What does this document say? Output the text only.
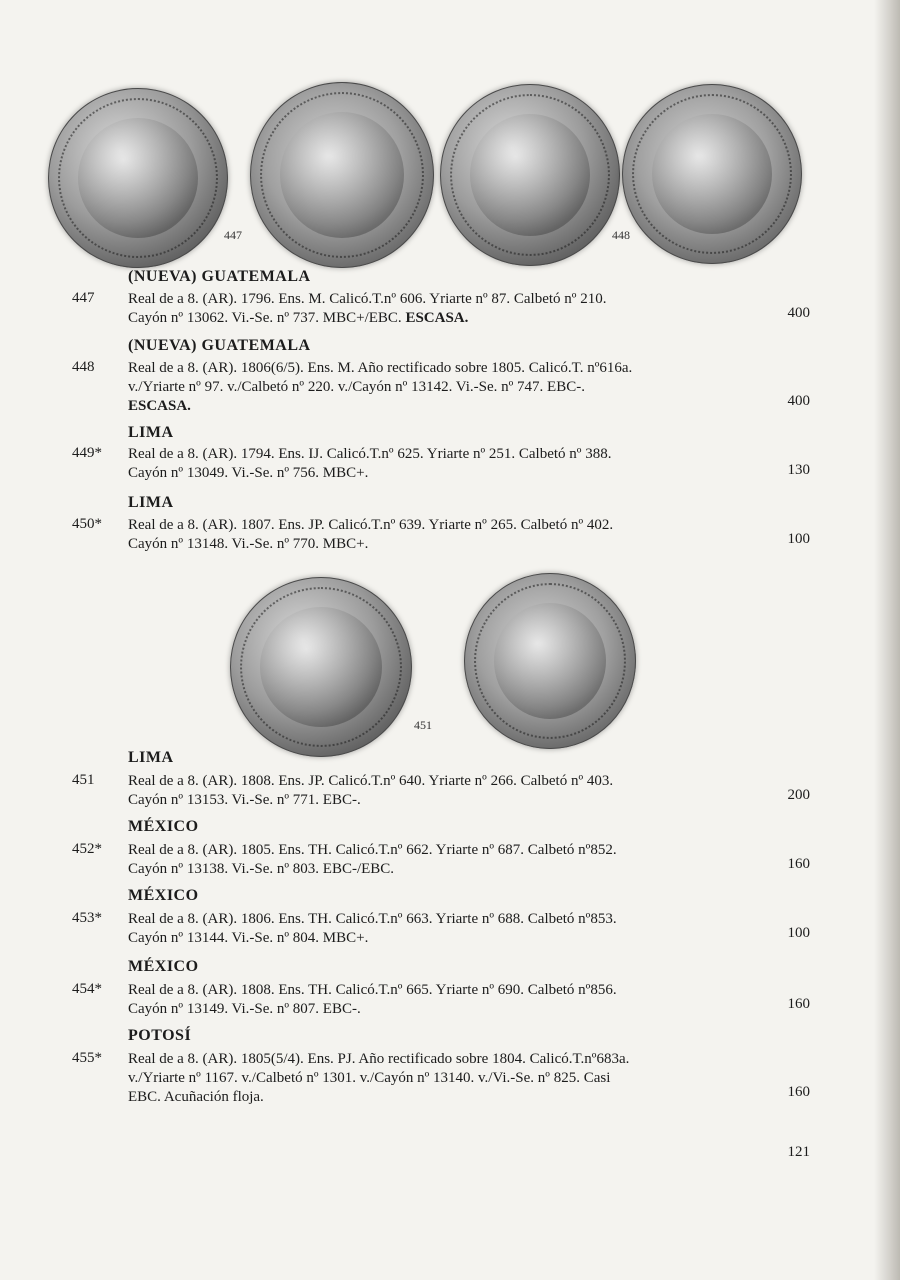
447	448
(NUEVA) GUATEMALA
447	Real de a 8. (AR). 1796. Ens. M. Calicó.T.nº 606. Yriarte nº 87. Calbetó nº 210.
Cayón nº 13062. Vi.-Se. nº 737. MBC+/EBC. ESCASA.	400
(NUEVA) GUATEMALA
448	Real de a 8. (AR). 1806(6/5). Ens. M. Año rectificado sobre 1805. Calicó.T. nº616a.
v./Yriarte nº 97. v./Calbetó nº 220. v./Cayón nº 13142. Vi.-Se. nº 747. EBC-.
ESCASA.	400
LIMA
449*	Real de a 8. (AR). 1794. Ens. IJ. Calicó.T.nº 625. Yriarte nº 251. Calbetó nº 388.
Cayón nº 13049. Vi.-Se. nº 756. MBC+.	130
LIMA
450*	Real de a 8. (AR). 1807. Ens. JP. Calicó.T.nº 639. Yriarte nº 265. Calbetó nº 402.
Cayón nº 13148. Vi.-Se. nº 770. MBC+.	100
451
LIMA
451	Real de a 8. (AR). 1808. Ens. JP. Calicó.T.nº 640. Yriarte nº 266. Calbetó nº 403.
Cayón nº 13153. Vi.-Se. nº 771. EBC-.	200
MÉXICO
452*	Real de a 8. (AR). 1805. Ens. TH. Calicó.T.nº 662. Yriarte nº 687. Calbetó nº852.
Cayón nº 13138. Vi.-Se. nº 803. EBC-/EBC.	160
MÉXICO
453*	Real de a 8. (AR). 1806. Ens. TH. Calicó.T.nº 663. Yriarte nº 688. Calbetó nº853.
Cayón nº 13144. Vi.-Se. nº 804. MBC+.	100
MÉXICO
454*	Real de a 8. (AR). 1808. Ens. TH. Calicó.T.nº 665. Yriarte nº 690. Calbetó nº856.
Cayón nº 13149. Vi.-Se. nº 807. EBC-.	160
POTOSÍ
455*	Real de a 8. (AR). 1805(5/4). Ens. PJ. Año rectificado sobre 1804. Calicó.T.nº683a.
v./Yriarte nº 1167. v./Calbetó nº 1301. v./Cayón nº 13140. v./Vi.-Se. nº 825. Casi
EBC. Acuñación floja.	160
121
